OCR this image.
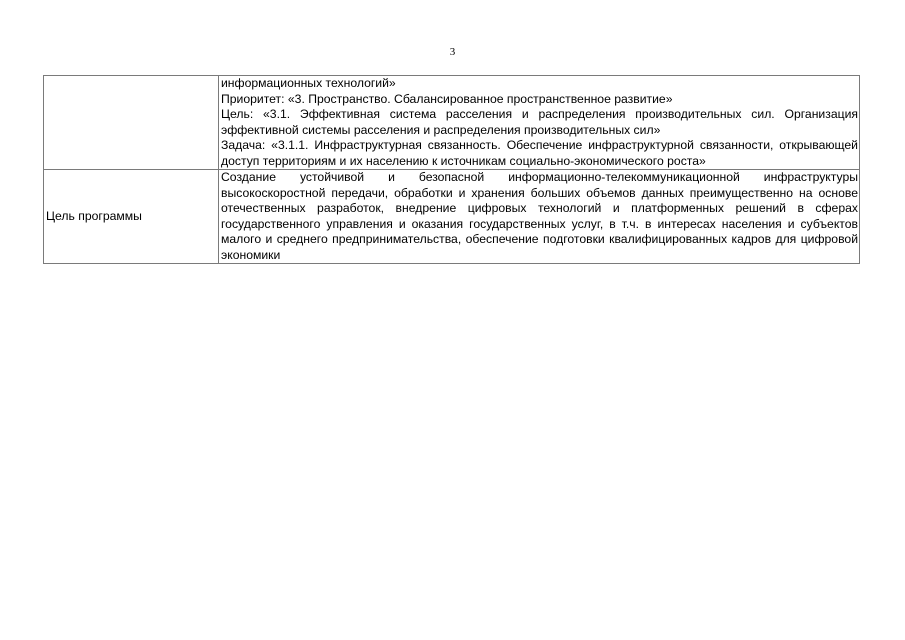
3

	информационных технологий»
Приоритет: «3. Пространство. Сбалансированное пространственное развитие»
Цель: «3.1. Эффективная система расселения и распределения производительных сил. Организация эффективной системы расселения и распределения производительных сил»
Задача: «3.1.1. Инфраструктурная связанность. Обеспечение инфраструктурной связанности, открывающей доступ территориям и их населению к источникам социально-экономического роста»

Цель программы	Создание устойчивой и безопасной информационно-телекоммуникационной инфраструктуры высокоскоростной передачи, обработки и хранения больших объемов данных преимущественно на основе отечественных разработок, внедрение цифровых технологий и платформенных решений в сферах государственного управления и оказания государственных услуг, в т.ч. в интересах населения и субъектов малого и среднего предпринимательства, обеспечение подготовки квалифицированных кадров для цифровой экономики
